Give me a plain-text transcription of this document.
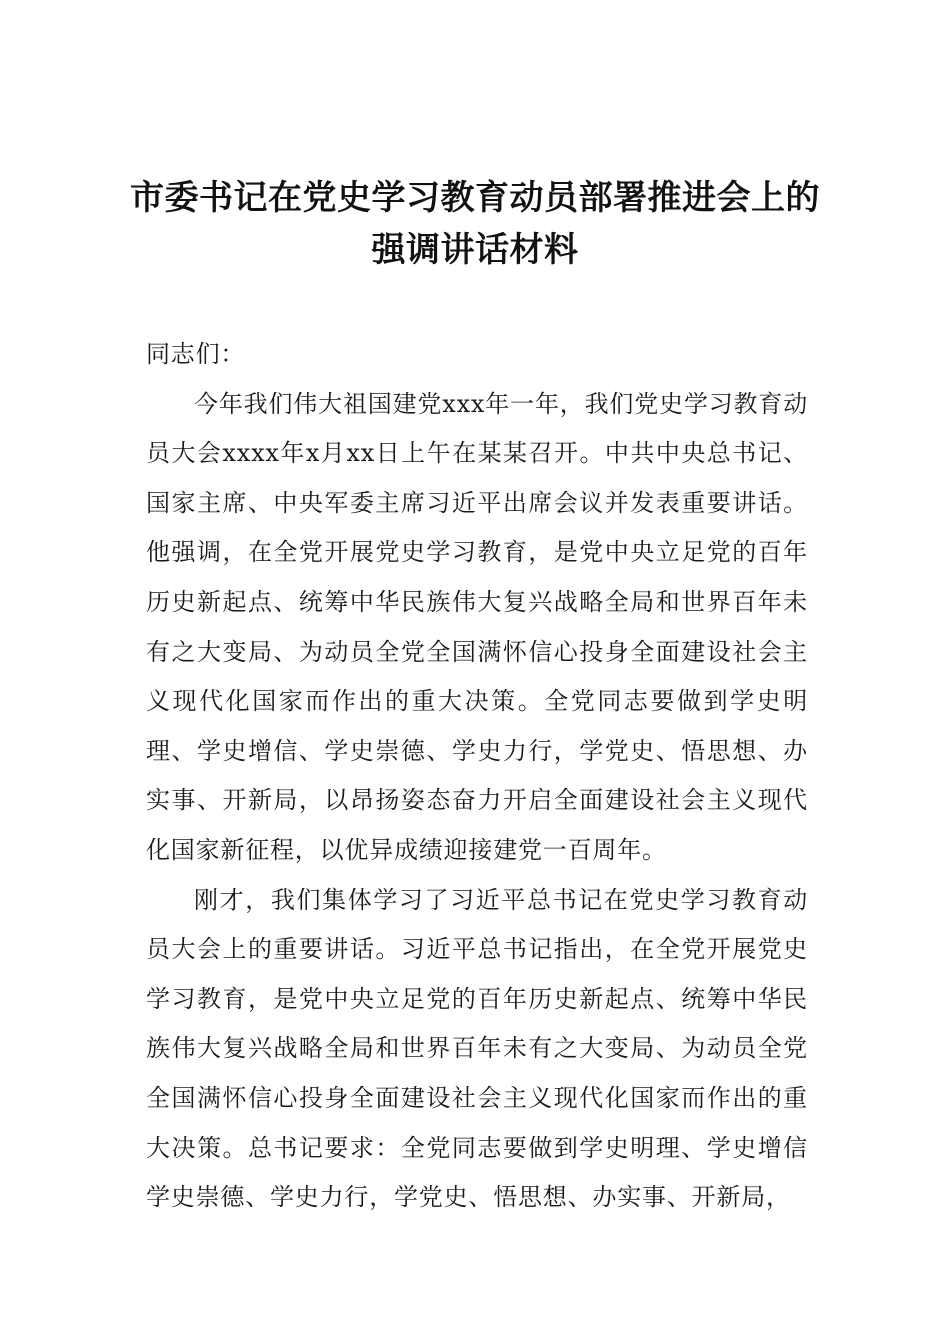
市委书记在党史学习教育动员部署推进会上的强调讲话材料

同志们：

今年我们伟大祖国建党xxx年一年，我们党史学习教育动员大会xxxx年x月xx日上午在某某召开。中共中央总书记、国家主席、中央军委主席习近平出席会议并发表重要讲话。他强调，在全党开展党史学习教育，是党中央立足党的百年历史新起点、统筹中华民族伟大复兴战略全局和世界百年未有之大变局、为动员全党全国满怀信心投身全面建设社会主义现代化国家而作出的重大决策。全党同志要做到学史明理、学史增信、学史崇德、学史力行，学党史、悟思想、办实事、开新局，以昂扬姿态奋力开启全面建设社会主义现代化国家新征程，以优异成绩迎接建党一百周年。

刚才，我们集体学习了习近平总书记在党史学习教育动员大会上的重要讲话。习近平总书记指出，在全党开展党史学习教育，是党中央立足党的百年历史新起点、统筹中华民族伟大复兴战略全局和世界百年未有之大变局、为动员全党全国满怀信心投身全面建设社会主义现代化国家而作出的重大决策。总书记要求：全党同志要做到学史明理、学史增信学史崇德、学史力行，学党史、悟思想、办实事、开新局，
